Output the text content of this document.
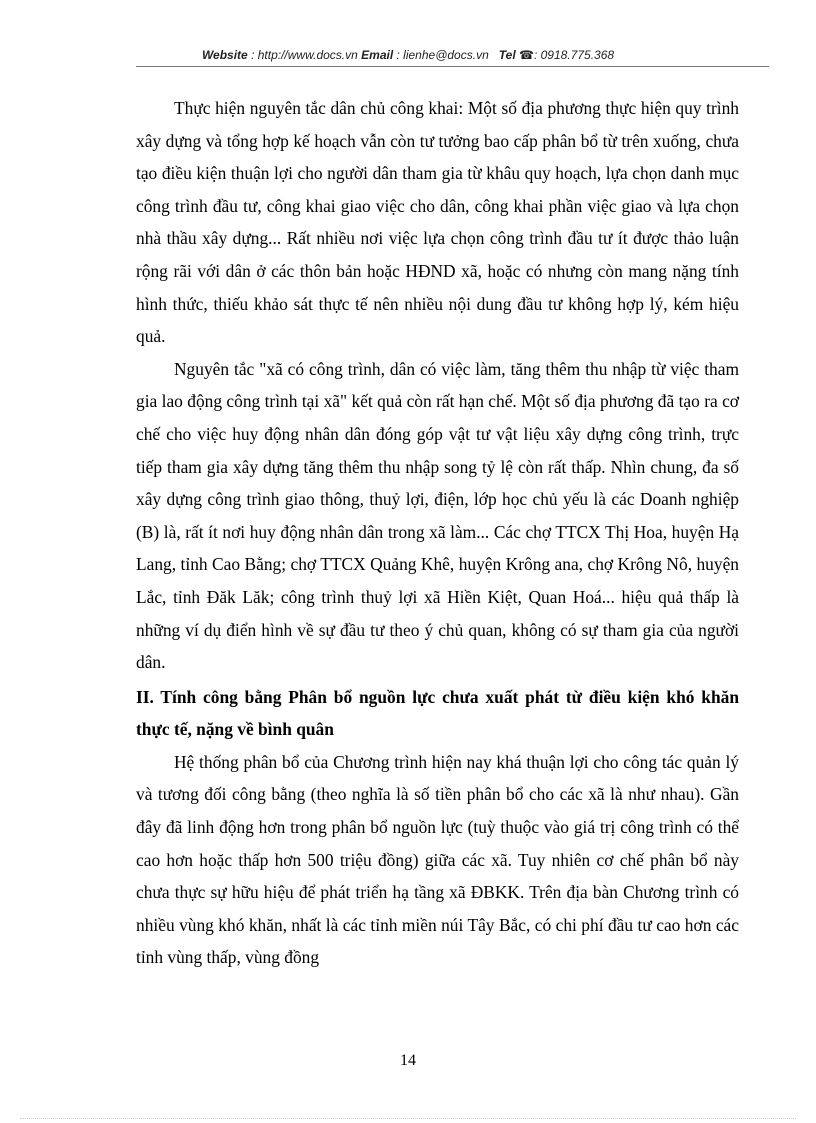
Website : http://www.docs.vn Email : lienhe@docs.vn Tel ☎: 0918.775.368

Thực hiện nguyên tắc dân chủ công khai: Một số địa phương thực hiện quy trình xây dựng và tổng hợp kế hoạch vẫn còn tư tưởng bao cấp phân bổ từ trên xuống, chưa tạo điều kiện thuận lợi cho người dân tham gia từ khâu quy hoạch, lựa chọn danh mục công trình đầu tư, công khai giao việc cho dân, công khai phần việc giao và lựa chọn nhà thầu xây dựng... Rất nhiều nơi việc lựa chọn công trình đầu tư ít được thảo luận rộng rãi với dân ở các thôn bản hoặc HĐND xã, hoặc có nhưng còn mang nặng tính hình thức, thiếu khảo sát thực tế nên nhiều nội dung đầu tư không hợp lý, kém hiệu quả.

Nguyên tắc "xã có công trình, dân có việc làm, tăng thêm thu nhập từ việc tham gia lao động công trình tại xã" kết quả còn rất hạn chế. Một số địa phương đã tạo ra cơ chế cho việc huy động nhân dân đóng góp vật tư vật liệu xây dựng công trình, trực tiếp tham gia xây dựng tăng thêm thu nhập song tỷ lệ còn rất thấp. Nhìn chung, đa số xây dựng công trình giao thông, thuỷ lợi, điện, lớp học chủ yếu là các Doanh nghiệp (B) là, rất ít nơi huy động nhân dân trong xã làm... Các chợ TTCX Thị Hoa, huyện Hạ Lang, tỉnh Cao Bằng; chợ TTCX Quảng Khê, huyện Krông ana, chợ Krông Nô, huyện Lắc, tỉnh Đăk Lăk; công trình thuỷ lợi xã Hiền Kiệt, Quan Hoá... hiệu quả thấp là những ví dụ điển hình về sự đầu tư theo ý chủ quan, không có sự tham gia của người dân.

II. Tính công bằng Phân bổ nguồn lực chưa xuất phát từ điều kiện khó khăn thực tế, nặng về bình quân

Hệ thống phân bổ của Chương trình hiện nay khá thuận lợi cho công tác quản lý và tương đối công bằng (theo nghĩa là số tiền phân bổ cho các xã là như nhau). Gần đây đã linh động hơn trong phân bổ nguồn lực (tuỳ thuộc vào giá trị công trình có thể cao hơn hoặc thấp hơn 500 triệu đồng) giữa các xã. Tuy nhiên cơ chế phân bổ này chưa thực sự hữu hiệu để phát triển hạ tầng xã ĐBKK. Trên địa bàn Chương trình có nhiều vùng khó khăn, nhất là các tỉnh miền núi Tây Bắc, có chi phí đầu tư cao hơn các tỉnh vùng thấp, vùng đồng

14
